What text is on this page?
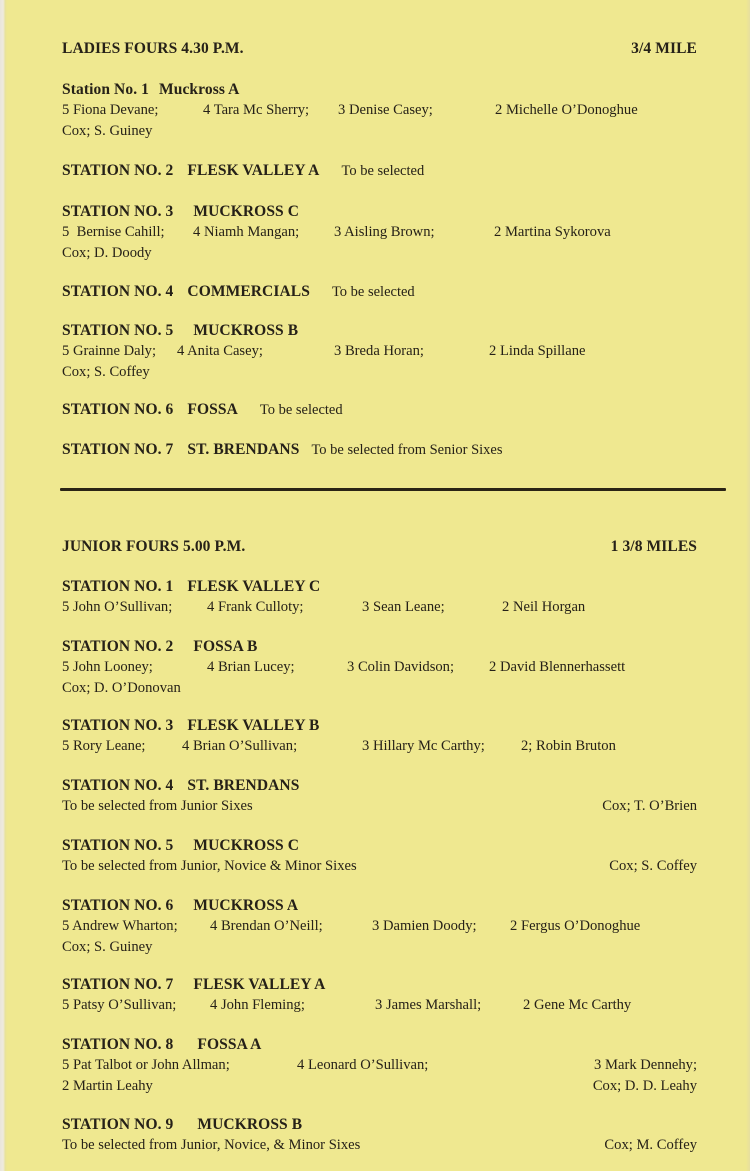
LADIES FOURS 4.30 P.M.	3/4 MILE
Station No. 1 Muckross A
5 Fiona Devane;	4 Tara Mc Sherry; 3 Denise Casey;	2 Michelle O’Donoghue
Cox; S. Guiney
STATION NO. 2 FLESK VALLEY A To be selected
STATION NO. 3 MUCKROSS C
5 Bernise Cahill; 4 Niamh Mangan; 3 Aisling Brown;	2 Martina Sykorova
Cox; D. Doody
STATION NO. 4 COMMERCIALS To be selected
STATION NO. 5 MUCKROSS B
5 Grainne Daly; 4 Anita Casey;	3 Breda Horan;	2 Linda Spillane
Cox; S. Coffey
STATION NO. 6 FOSSA To be selected
STATION NO. 7 ST. BRENDANS To be selected from Senior Sixes
JUNIOR FOURS 5.00 P.M.	1 3/8 MILES
STATION NO. 1 FLESK VALLEY C
5 John O’Sullivan; 4 Frank Culloty;	3 Sean Leane;	2 Neil Horgan
STATION NO. 2 FOSSA B
5 John Looney;	4 Brian Lucey;	3 Colin Davidson; 2 David Blennerhassett
Cox; D. O’Donovan
STATION NO. 3 FLESK VALLEY B
5 Rory Leane;	4 Brian O’Sullivan;	3 Hillary Mc Carthy; 2; Robin Bruton
STATION NO. 4 ST. BRENDANS
To be selected from Junior Sixes	Cox; T. O’Brien
STATION NO. 5 MUCKROSS C
To be selected from Junior, Novice & Minor Sixes	Cox; S. Coffey
STATION NO. 6 MUCKROSS A
5 Andrew Wharton; 4 Brendan O’Neill;	3 Damien Doody; 2 Fergus O’Donoghue
Cox; S. Guiney
STATION NO. 7 FLESK VALLEY A
5 Patsy O’Sullivan; 4 John Fleming;	3 James Marshall;	2 Gene Mc Carthy
STATION NO. 8 FOSSA A
5 Pat Talbot or John Allman;	4 Leonard O’Sullivan;	3 Mark Dennehy;
2 Martin Leahy	Cox; D. D. Leahy
STATION NO. 9 MUCKROSS B
To be selected from Junior, Novice, & Minor Sixes	Cox; M. Coffey
